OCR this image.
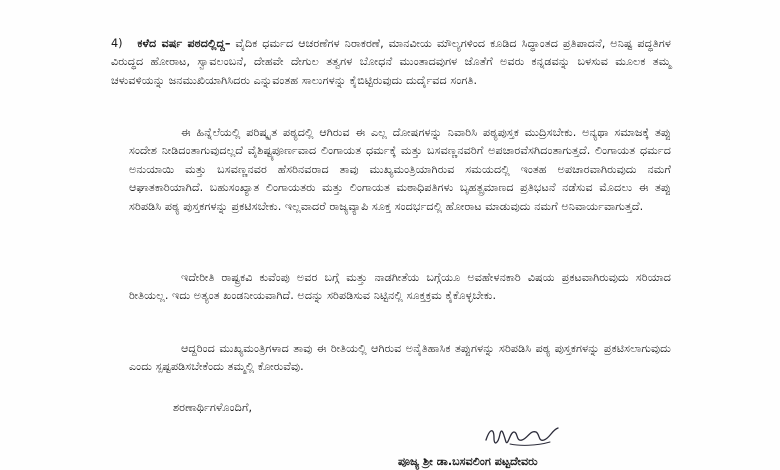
4) ಕಳೆದ ವರ್ಷ ಪಠದಲ್ಲಿದ್ದ– ವೈದಿಕ ಧರ್ಮದ ಆಚರಣೆಗಳ ನಿರಾಕರಣೆ, ಮಾನವೀಯ ಮೌಲ್ಯಗಳಿಂದ ಕೂಡಿದ ಸಿದ್ಧಾಂತದ ಪ್ರತಿಪಾದನೆ, ಅನಿಷ್ಟ ಪದ್ಧತಿಗಳ ವಿರುದ್ಧದ ಹೋರಾಟ, ಸ್ವಾವಲಂಬನೆ, ದೇಹವೇ ದೇಗುಲ ತತ್ವಗಳ ಬೋಧನೆ ಮುಂತಾದವುಗಳ ಜೊತೆಗೆ ಅವರು ಕನ್ನಡವನ್ನು ಬಳಸುವ ಮೂಲಕ ತಮ್ಮ ಚಳುವಳಿಯನ್ನು ಜನಮುಖಿಯಾಗಿಸಿದರು ಎನ್ನುವಂತಹ ಸಾಲುಗಳನ್ನು ಕೈಬಿಟ್ಟಿರುವುದು ದುರ್ದೈವದ ಸಂಗತಿ.
ಈ ಹಿನ್ನೆಲೆಯಲ್ಲಿ ಪರಿಷ್ಕೃತ ಪಠ್ಯದಲ್ಲಿ ಆಗಿರುವ ಈ ಎಲ್ಲ ದೋಷಗಳನ್ನು ನಿವಾರಿಸಿ ಪಠ್ಯಪುಸ್ತಕ ಮುದ್ರಿಸಬೇಕು. ಅನ್ಯಥಾ ಸಮಾಜಕ್ಕೆ ತಪ್ಪು ಸಂದೇಶ ನೀಡಿದಂತಾಗುವುದಲ್ಲದೆ ವೈಶಿಷ್ಟ್ಯಪೂರ್ಣವಾದ ಲಿಂಗಾಯತ ಧರ್ಮಕ್ಕೆ ಮತ್ತು ಬಸವಣ್ಣನವರಿಗೆ ಅಪಚಾರವೆಸಗಿದಂತಾಗುತ್ತದೆ. ಲಿಂಗಾಯತ ಧರ್ಮದ ಅನುಯಾಯಿ ಮತ್ತು ಬಸವಣ್ಣನವರ ಹೆಸರಿನವರಾದ ತಾವು ಮುಖ್ಯಮಂತ್ರಿಯಾಗಿರುವ ಸಮಯದಲ್ಲಿ ಇಂತಹ ಅಪಚಾರವಾಗಿರುವುದು ನಮಗೆ ಆಘಾತಕಾರಿಯಾಗಿದೆ. ಬಹುಸಂಖ್ಯಾತ ಲಿಂಗಾಯತರು ಮತ್ತು ಲಿಂಗಾಯತ ಮಠಾಧಿಪತಿಗಳು ಬೃಹತ್ಪ್ರಮಾಣದ ಪ್ರತಿಭಟನೆ ನಡೆಸುವ ಮೊದಲು ಈ ತಪ್ಪು ಸರಿಪಡಿಸಿ ಪಠ್ಯ ಪುಸ್ತಕಗಳನ್ನು ಪ್ರಕಟಿಸಬೇಕು. ಇಲ್ಲವಾದರೆ ರಾಜ್ಯವ್ಯಾಪಿ ಸೂಕ್ತ ಸಂದರ್ಭದಲ್ಲಿ ಹೋರಾಟ ಮಾಡುವುದು ನಮಗೆ ಅನಿವಾರ್ಯವಾಗುತ್ತದೆ.
ಇದೇರೀತಿ ರಾಷ್ಟ್ರಕವಿ ಕುವೆಂಪು ಅವರ ಬಗ್ಗೆ ಮತ್ತು ನಾಡಗೀತೆಯ ಬಗ್ಗೆಯೂ ಅವಹೇಳನಕಾರಿ ವಿಷಯ ಪ್ರಕಟವಾಗಿರುವುದು ಸರಿಯಾದ ರೀತಿಯಲ್ಲ. ಇದು ಅತ್ಯಂತ ಖಂಡನೀಯವಾಗಿದೆ. ಅದನ್ನು ಸರಿಪಡಿಸುವ ನಿಟ್ಟಿನಲ್ಲಿ ಸೂಕ್ತಕ್ರಮ ಕೈಕೊಳ್ಳಬೇಕು.
ಆದ್ದರಿಂದ ಮುಖ್ಯಮಂತ್ರಿಗಳಾದ ತಾವು ಈ ರೀತಿಯಲ್ಲಿ ಆಗಿರುವ ಅನೈತಿಹಾಸಿಕ ತಪ್ಪುಗಳನ್ನು ಸರಿಪಡಿಸಿ ಪಠ್ಯ ಪುಸ್ತಕಗಳನ್ನು ಪ್ರಕಟಿಸಲಾಗುವುದು ಎಂದು ಸ್ಪಷ್ಟಪಡಿಸಬೇಕೆಂದು ತಮ್ಮಲ್ಲಿ ಕೋರುವೆವು.
ಶರಣಾರ್ಥಿಗಳೊಂದಿಗೆ,
ಪೂಜ್ಯ ಶ್ರೀ ಡಾ.ಬಸವಲಿಂಗ ಪಟ್ಟದೇವರು
